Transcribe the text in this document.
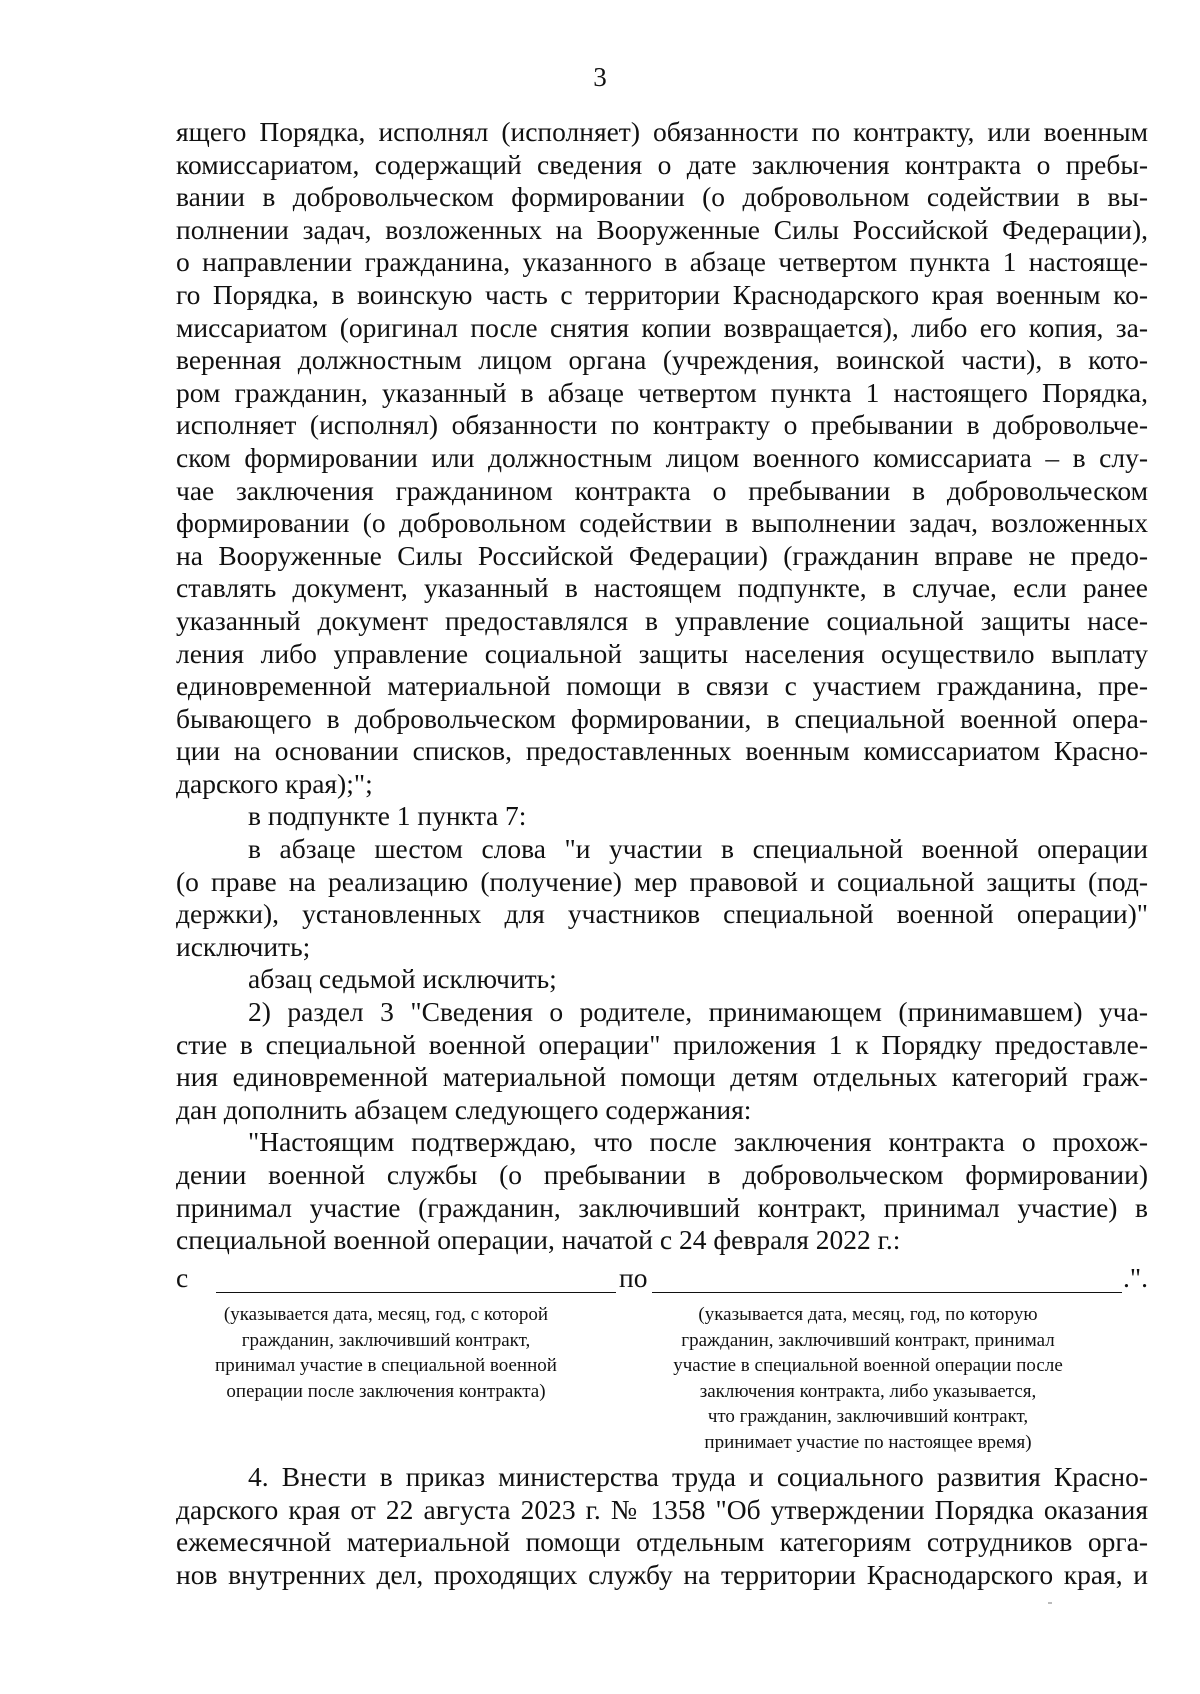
3

ящего Порядка, исполнял (исполняет) обязанности по контракту, или военным
комиссариатом, содержащий сведения о дате заключения контракта о пребы-
вании в добровольческом формировании (о добровольном содействии в вы-
полнении задач, возложенных на Вооруженные Силы Российской Федерации),
о направлении гражданина, указанного в абзаце четвертом пункта 1 настояще-
го Порядка, в воинскую часть с территории Краснодарского края военным ко-
миссариатом (оригинал после снятия копии возвращается), либо его копия, за-
веренная должностным лицом органа (учреждения, воинской части), в кото-
ром гражданин, указанный в абзаце четвертом пункта 1 настоящего Порядка,
исполняет (исполнял) обязанности по контракту о пребывании в добровольче-
ском формировании или должностным лицом военного комиссариата – в слу-
чае заключения гражданином контракта о пребывании в добровольческом
формировании (о добровольном содействии в выполнении задач, возложенных
на Вооруженные Силы Российской Федерации) (гражданин вправе не предо-
ставлять документ, указанный в настоящем подпункте, в случае, если ранее
указанный документ предоставлялся в управление социальной защиты насе-
ления либо управление социальной защиты населения осуществило выплату
единовременной материальной помощи в связи с участием гражданина, пре-
бывающего в добровольческом формировании, в специальной военной опера-
ции на основании списков, предоставленных военным комиссариатом Красно-
дарского края);";

в подпункте 1 пункта 7:

в абзаце шестом слова "и участии в специальной военной операции
(о праве на реализацию (получение) мер правовой и социальной защиты (под-
держки), установленных для участников специальной военной операции)"
исключить;

абзац седьмой исключить;

2) раздел 3 "Сведения о родителе, принимающем (принимавшем) уча-
стие в специальной военной операции" приложения 1 к Порядку предоставле-
ния единовременной материальной помощи детям отдельных категорий граж-
дан дополнить абзацем следующего содержания:

"Настоящим подтверждаю, что после заключения контракта о прохож-
дении военной службы (о пребывании в добровольческом формировании)
принимал участие (гражданин, заключивший контракт, принимал участие) в
специальной военной операции, начатой с 24 февраля 2022 г.:

с	по	.".
(указывается дата, месяц, год, с которой
гражданин, заключивший контракт,
принимал участие в специальной военной
операции после заключения контракта)
(указывается дата, месяц, год, по которую
гражданин, заключивший контракт, принимал
участие в специальной военной операции после
заключения контракта, либо указывается,
что гражданин, заключивший контракт,
принимает участие по настоящее время)

4. Внести в приказ министерства труда и социального развития Красно-
дарского края от 22 августа 2023 г. № 1358 "Об утверждении Порядка оказания
ежемесячной материальной помощи отдельным категориям сотрудников орга-
нов внутренних дел, проходящих службу на территории Краснодарского края, и
